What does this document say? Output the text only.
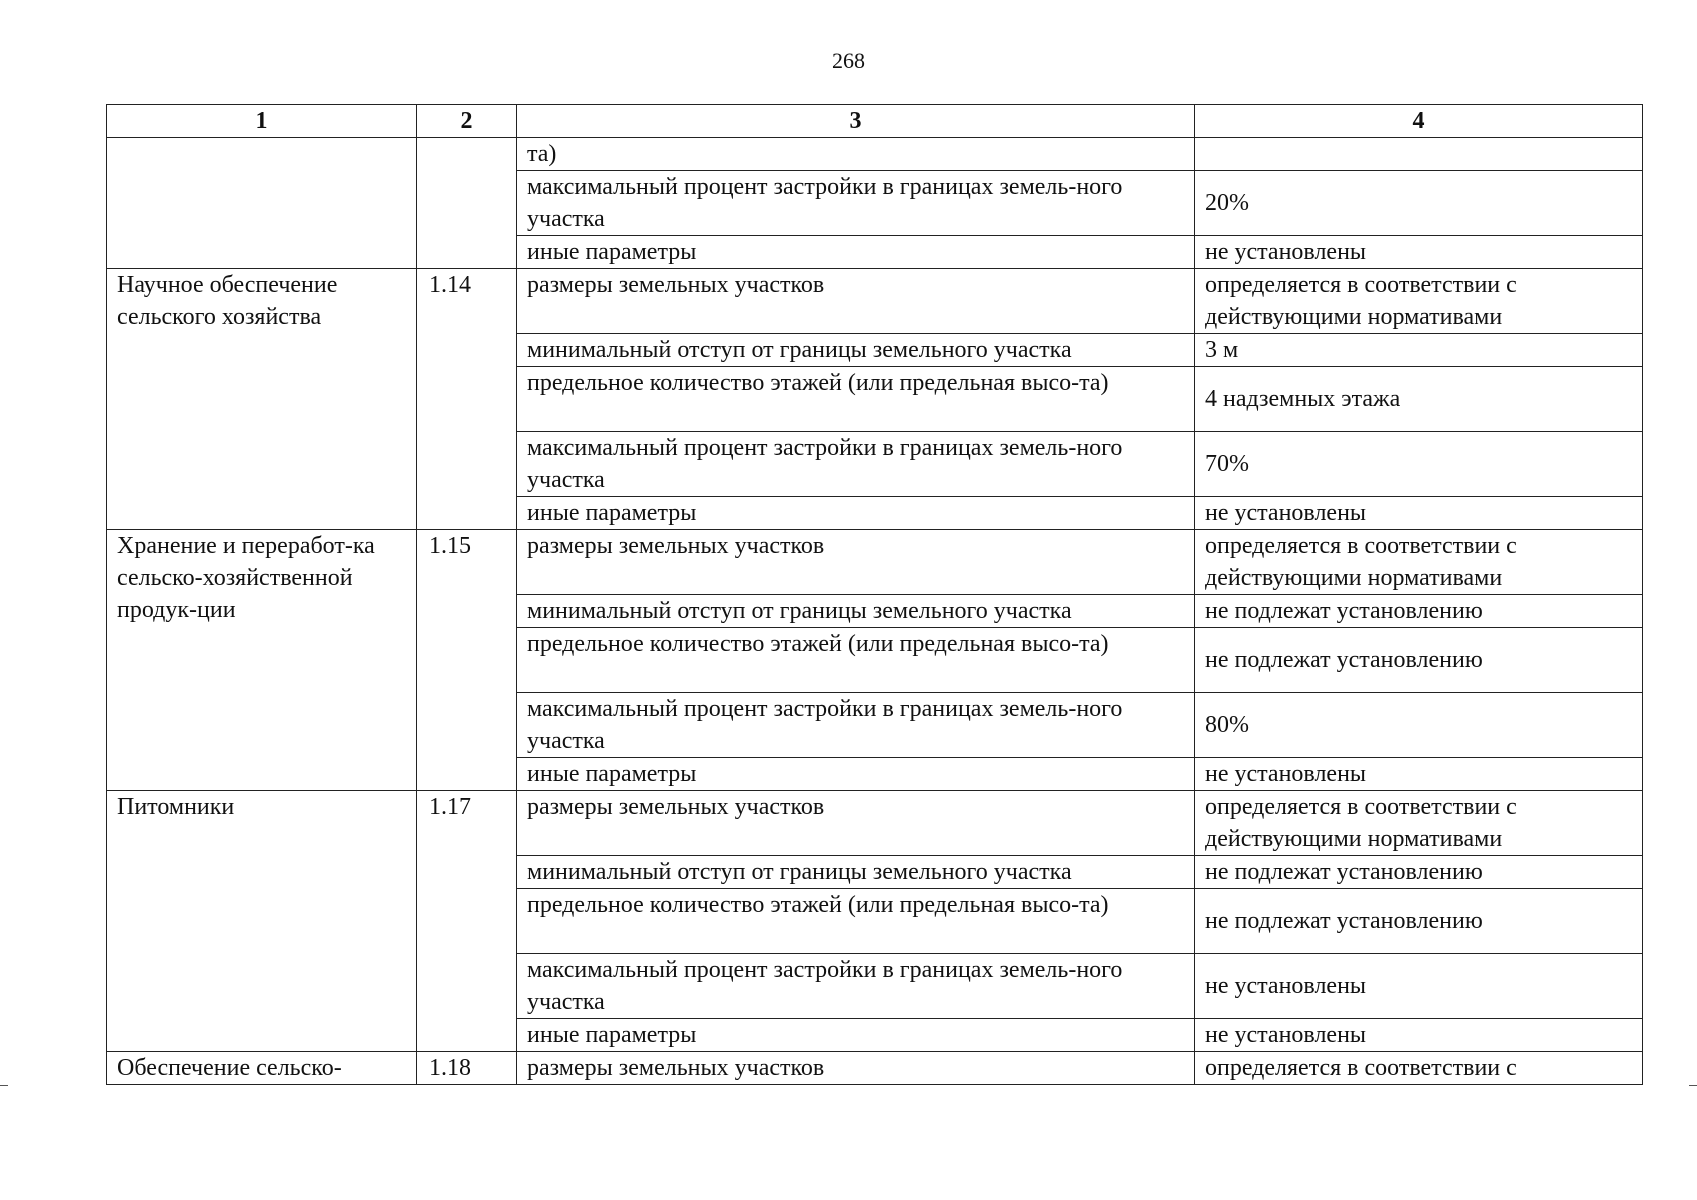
268
1	2	3	4
		та)	
		максимальный процент застройки в границах земель-ного участка	20%
		иные параметры	не установлены
Научное обеспечение сельского хозяйства	1.14	размеры земельных участков	определяется в соответствии с действующими нормативами
		минимальный отступ от границы земельного участка	3 м
		предельное количество этажей (или предельная высо-та)	4 надземных этажа
		максимальный процент застройки в границах земель-ного участка	70%
		иные параметры	не установлены
Хранение и переработ-ка сельско-хозяйственной продук-ции	1.15	размеры земельных участков	определяется в соответствии с действующими нормативами
		минимальный отступ от границы земельного участка	не подлежат установлению
		предельное количество этажей (или предельная высо-та)	не подлежат установлению
		максимальный процент застройки в границах земель-ного участка	80%
		иные параметры	не установлены
Питомники	1.17	размеры земельных участков	определяется в соответствии с действующими нормативами
		минимальный отступ от границы земельного участка	не подлежат установлению
		предельное количество этажей (или предельная высо-та)	не подлежат установлению
		максимальный процент застройки в границах земель-ного участка	не установлены
		иные параметры	не установлены
Обеспечение сельско-	1.18	размеры земельных участков	определяется в соответствии с
